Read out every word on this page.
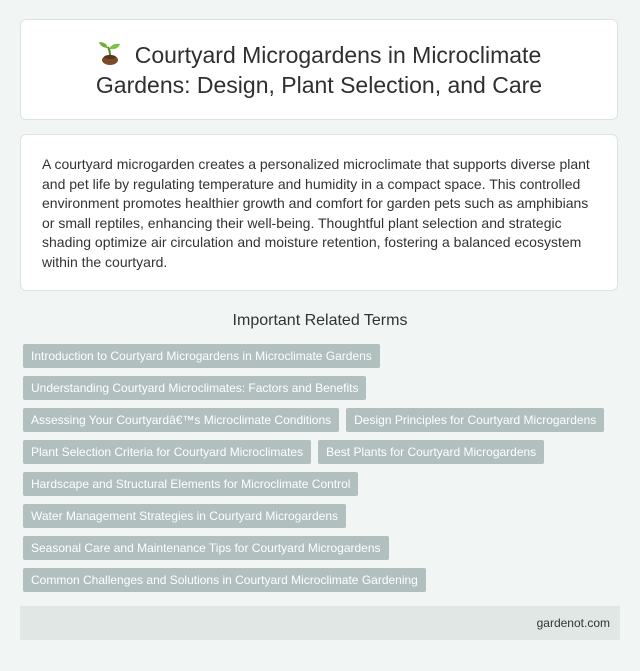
Courtyard Microgardens in Microclimate Gardens: Design, Plant Selection, and Care

A courtyard microgarden creates a personalized microclimate that supports diverse plant and pet life by regulating temperature and humidity in a compact space. This controlled environment promotes healthier growth and comfort for garden pets such as amphibians or small reptiles, enhancing their well-being. Thoughtful plant selection and strategic shading optimize air circulation and moisture retention, fostering a balanced ecosystem within the courtyard.

Important Related Terms
Introduction to Courtyard Microgardens in Microclimate Gardens
Understanding Courtyard Microclimates: Factors and Benefits
Assessing Your Courtyardâ€™s Microclimate Conditions	Design Principles for Courtyard Microgardens
Plant Selection Criteria for Courtyard Microclimates	Best Plants for Courtyard Microgardens
Hardscape and Structural Elements for Microclimate Control
Water Management Strategies in Courtyard Microgardens
Seasonal Care and Maintenance Tips for Courtyard Microgardens
Common Challenges and Solutions in Courtyard Microclimate Gardening
gardenot.com
